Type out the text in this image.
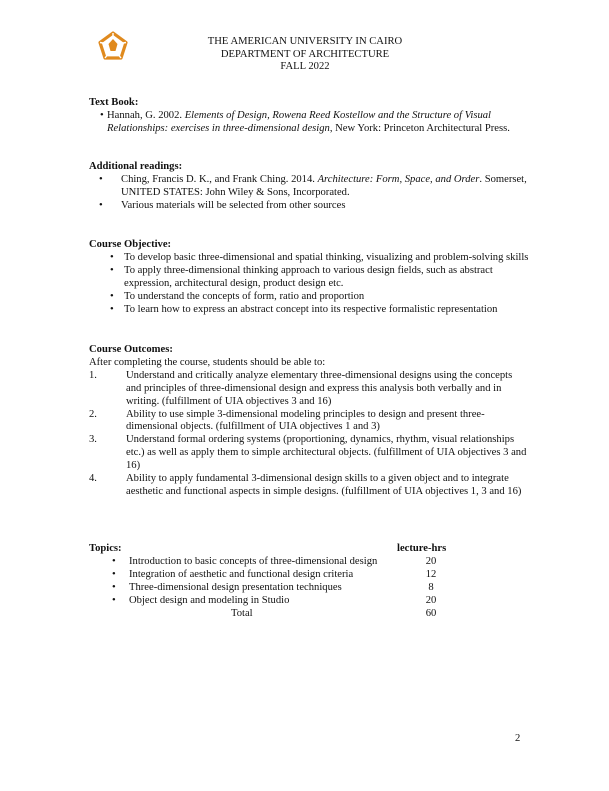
THE AMERICAN UNIVERSITY IN CAIRO
DEPARTMENT OF ARCHITECTURE
FALL 2022
Text Book:
• Hannah, G. 2002. Elements of Design, Rowena Reed Kostellow and the Structure of Visual Relationships: exercises in three-dimensional design, New York: Princeton Architectural Press.
Additional readings:
• Ching, Francis D. K., and Frank Ching. 2014. Architecture: Form, Space, and Order. Somerset, UNITED STATES: John Wiley & Sons, Incorporated.
• Various materials will be selected from other sources
Course Objective:
• To develop basic three-dimensional and spatial thinking, visualizing and problem-solving skills
• To apply three-dimensional thinking approach to various design fields, such as abstract expression, architectural design, product design etc.
• To understand the concepts of form, ratio and proportion
• To learn how to express an abstract concept into its respective formalistic representation
Course Outcomes:
After completing the course, students should be able to:
1.	Understand and critically analyze elementary three-dimensional designs using the concepts and principles of three-dimensional design and express this analysis both verbally and in writing. (fulfillment of UIA objectives 3 and 16)
2.	Ability to use simple 3-dimensional modeling principles to design and present three-dimensional objects. (fulfillment of UIA objectives 1 and 3)
3.	Understand formal ordering systems (proportioning, dynamics, rhythm, visual relationships etc.) as well as apply them to simple architectural objects. (fulfillment of UIA objectives 3 and 16)
4.	Ability to apply fundamental 3-dimensional design skills to a given object and to integrate aesthetic and functional aspects in simple designs. (fulfillment of UIA objectives 1, 3 and 16)
Topics:	lecture-hrs
• Introduction to basic concepts of three-dimensional design	20
• Integration of aesthetic and functional design criteria	12
• Three-dimensional design presentation techniques	8
• Object design and modeling in Studio	20
Total	60
2
